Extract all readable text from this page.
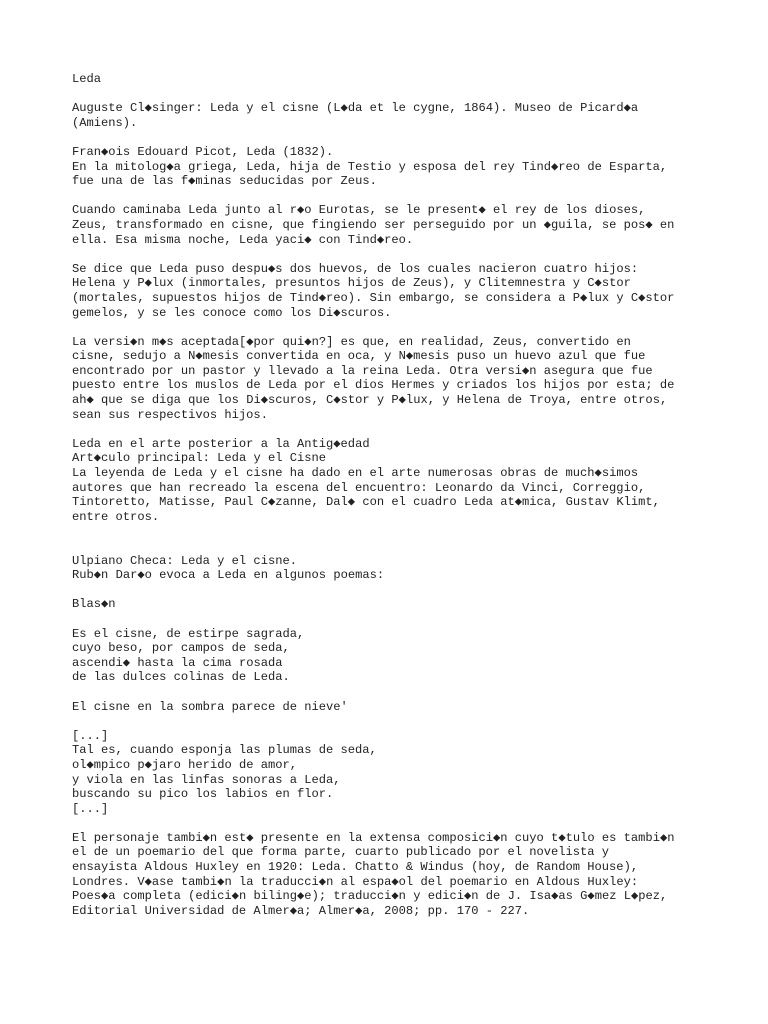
Leda
Auguste Cl◆singer: Leda y el cisne (L◆da et le cygne, 1864). Museo de Picard◆a
(Amiens).
Fran◆ois Edouard Picot, Leda (1832).
En la mitolog◆a griega, Leda, hija de Testio y esposa del rey Tind◆reo de Esparta,
fue una de las f◆minas seducidas por Zeus.
Cuando caminaba Leda junto al r◆o Eurotas, se le present◆ el rey de los dioses,
Zeus, transformado en cisne, que fingiendo ser perseguido por un ◆guila, se pos◆ en
ella. Esa misma noche, Leda yaci◆ con Tind◆reo.
Se dice que Leda puso despu◆s dos huevos, de los cuales nacieron cuatro hijos:
Helena y P◆lux (inmortales, presuntos hijos de Zeus), y Clitemnestra y C◆stor
(mortales, supuestos hijos de Tind◆reo). Sin embargo, se considera a P◆lux y C◆stor
gemelos, y se les conoce como los Di◆scuros.
La versi◆n m◆s aceptada[◆por qui◆n?] es que, en realidad, Zeus, convertido en
cisne, sedujo a N◆mesis convertida en oca, y N◆mesis puso un huevo azul que fue
encontrado por un pastor y llevado a la reina Leda. Otra versi◆n asegura que fue
puesto entre los muslos de Leda por el dios Hermes y criados los hijos por esta; de
ah◆ que se diga que los Di◆scuros, C◆stor y P◆lux, y Helena de Troya, entre otros,
sean sus respectivos hijos.
Leda en el arte posterior a la Antig◆edad
Art◆culo principal: Leda y el Cisne
La leyenda de Leda y el cisne ha dado en el arte numerosas obras de much◆simos
autores que han recreado la escena del encuentro: Leonardo da Vinci, Correggio,
Tintoretto, Matisse, Paul C◆zanne, Dal◆ con el cuadro Leda at◆mica, Gustav Klimt,
entre otros.
Ulpiano Checa: Leda y el cisne.
Rub◆n Dar◆o evoca a Leda en algunos poemas:
Blas◆n
Es el cisne, de estirpe sagrada,
cuyo beso, por campos de seda,
ascendi◆ hasta la cima rosada
de las dulces colinas de Leda.
El cisne en la sombra parece de nieve'
[...]
Tal es, cuando esponja las plumas de seda,
ol◆mpico p◆jaro herido de amor,
y viola en las linfas sonoras a Leda,
buscando su pico los labios en flor.
[...]
El personaje tambi◆n est◆ presente en la extensa composici◆n cuyo t◆tulo es tambi◆n
el de un poemario del que forma parte, cuarto publicado por el novelista y
ensayista Aldous Huxley en 1920: Leda. Chatto & Windus (hoy, de Random House),
Londres. V◆ase tambi◆n la traducci◆n al espa◆ol del poemario en Aldous Huxley:
Poes◆a completa (edici◆n biling◆e); traducci◆n y edici◆n de J. Isa◆as G◆mez L◆pez,
Editorial Universidad de Almer◆a; Almer◆a, 2008; pp. 170 - 227.
